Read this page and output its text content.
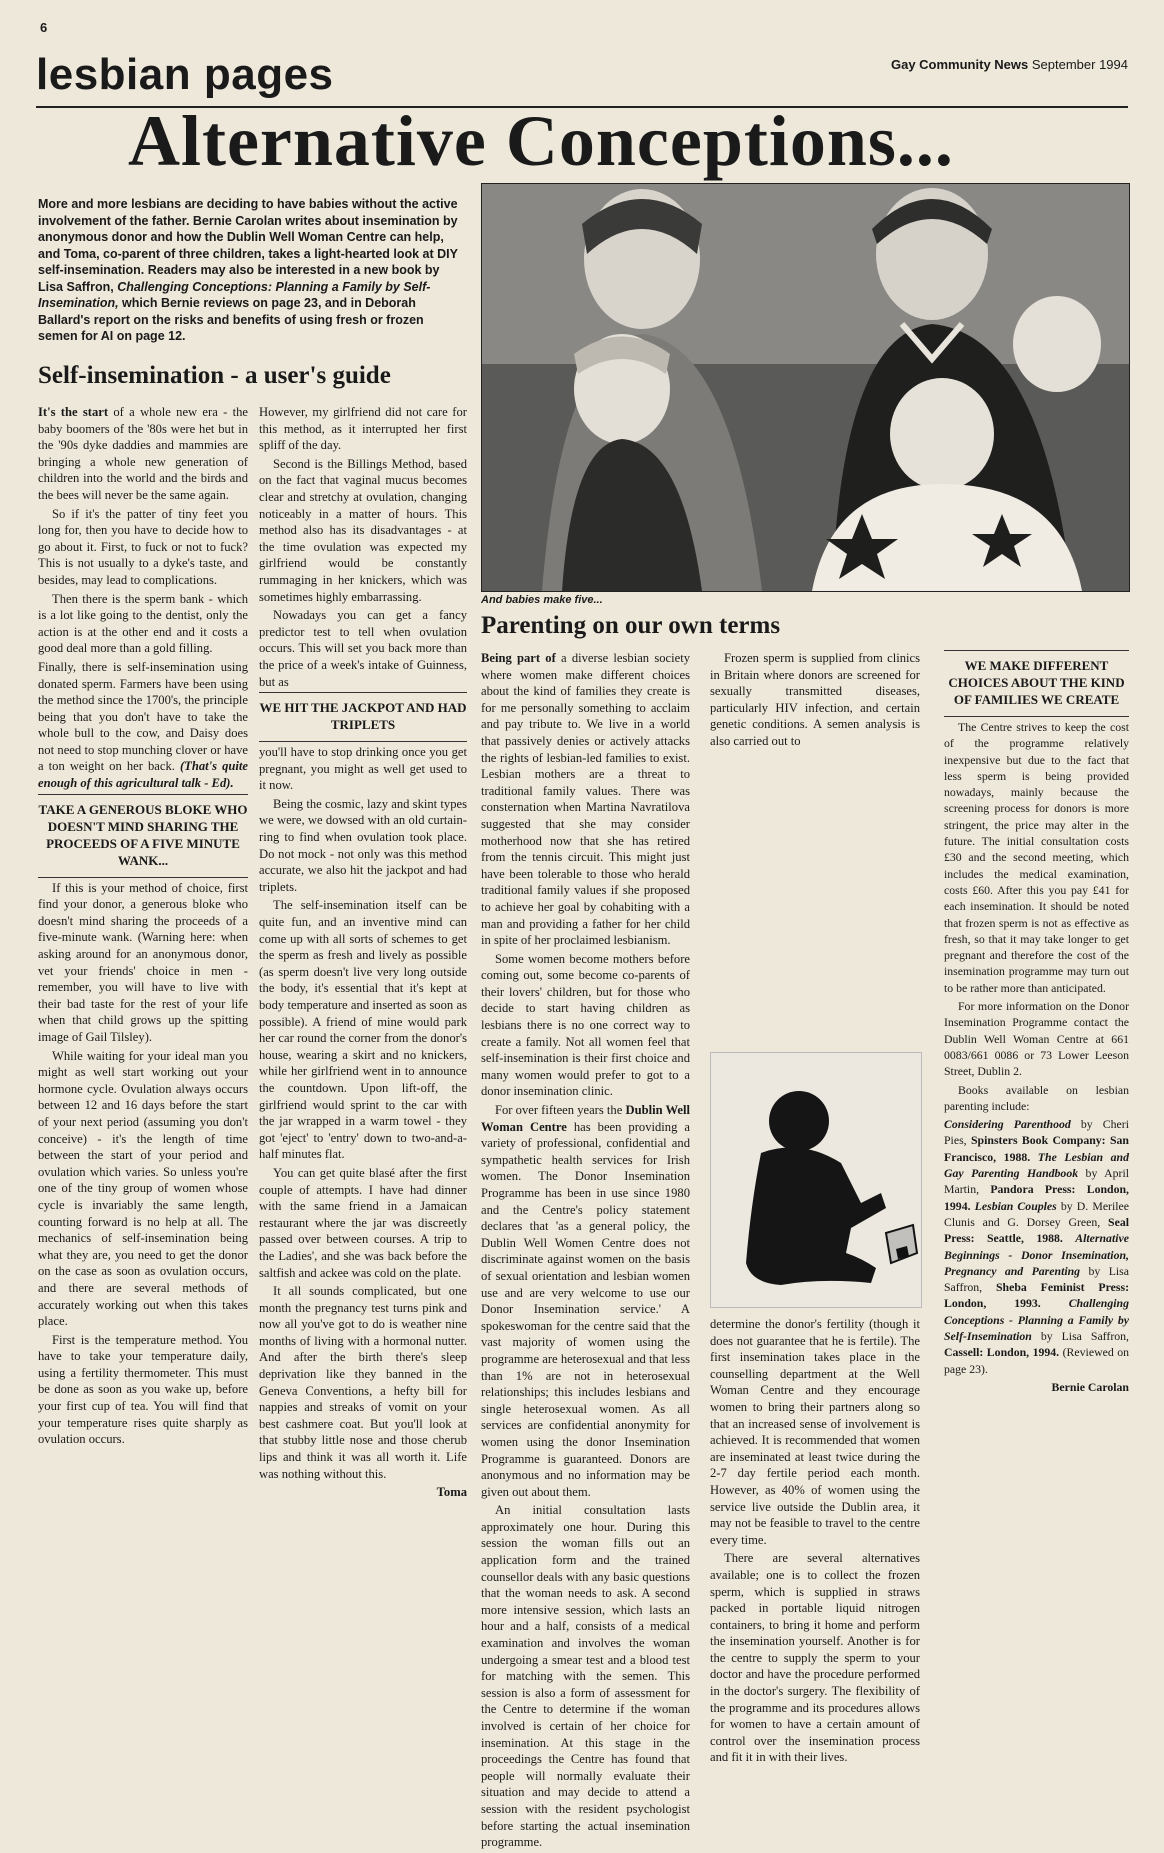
6
lesbian pages	Gay Community News September 1994
Alternative Conceptions...
More and more lesbians are deciding to have babies without the active involvement of the father. Bernie Carolan writes about insemination by anonymous donor and how the Dublin Well Woman Centre can help, and Toma, co-parent of three children, takes a light-hearted look at DIY self-insemination. Readers may also be interested in a new book by Lisa Saffron, Challenging Conceptions: Planning a Family by Self-Insemination, which Bernie reviews on page 23, and in Deborah Ballard's report on the risks and benefits of using fresh or frozen semen for AI on page 12.
Self-insemination - a user's guide

It's the start of a whole new era - the baby boomers of the '80s were het but in the '90s dyke daddies and mammies are bringing a whole new generation of children into the world and the birds and the bees will never be the same again.

So if it's the patter of tiny feet you long for, then you have to decide how to go about it. First, to fuck or not to fuck? This is not usually to a dyke's taste, and besides, may lead to complications.

Then there is the sperm bank - which is a lot like going to the dentist, only the action is at the other end and it costs a good deal more than a gold filling.

Finally, there is self-insemination using donated sperm. Farmers have been using the method since the 1700's, the principle being that you don't have to take the whole bull to the cow, and Daisy does not need to stop munching clover or have a ton weight on her back. (That's quite enough of this agricultural talk - Ed).

TAKE A GENEROUS BLOKE WHO DOESN'T MIND SHARING THE PROCEEDS OF A FIVE MINUTE WANK...

If this is your method of choice, first find your donor, a generous bloke who doesn't mind sharing the proceeds of a five-minute wank. (Warning here: when asking around for an anonymous donor, vet your friends' choice in men - remember, you will have to live with their bad taste for the rest of your life when that child grows up the spitting image of Gail Tilsley).

While waiting for your ideal man you might as well start working out your hormone cycle. Ovulation always occurs between 12 and 16 days before the start of your next period (assuming you don't conceive) - it's the length of time between the start of your period and ovulation which varies. So unless you're one of the tiny group of women whose cycle is invariably the same length, counting forward is no help at all. The mechanics of self-insemination being what they are, you need to get the donor on the case as soon as ovulation occurs, and there are several methods of accurately working out when this takes place.

First is the temperature method. You have to take your temperature daily, using a fertility thermometer. This must be done as soon as you wake up, before your first cup of tea. You will find that your temperature rises quite sharply as ovulation occurs.

However, my girlfriend did not care for this method, as it interrupted her first spliff of the day.

Second is the Billings Method, based on the fact that vaginal mucus becomes clear and stretchy at ovulation, changing noticeably in a matter of hours. This method also has its disadvantages - at the time ovulation was expected my girlfriend would be constantly rummaging in her knickers, which was sometimes highly embarrassing.

Nowadays you can get a fancy predictor test to tell when ovulation occurs. This will set you back more than the price of a week's intake of Guinness, but as

WE HIT THE JACKPOT AND HAD TRIPLETS

you'll have to stop drinking once you get pregnant, you might as well get used to it now.

Being the cosmic, lazy and skint types we were, we dowsed with an old curtain-ring to find when ovulation took place. Do not mock - not only was this method accurate, we also hit the jackpot and had triplets.

The self-insemination itself can be quite fun, and an inventive mind can come up with all sorts of schemes to get the sperm as fresh and lively as possible (as sperm doesn't live very long outside the body, it's essential that it's kept at body temperature and inserted as soon as possible). A friend of mine would park her car round the corner from the donor's house, wearing a skirt and no knickers, while her girlfriend went in to announce the countdown. Upon lift-off, the girlfriend would sprint to the car with the jar wrapped in a warm towel - they got 'eject' to 'entry' down to two-and-a-half minutes flat.

You can get quite blasé after the first couple of attempts. I have had dinner with the same friend in a Jamaican restaurant where the jar was discreetly passed over between courses. A trip to the Ladies', and she was back before the saltfish and ackee was cold on the plate.

It all sounds complicated, but one month the pregnancy test turns pink and now all you've got to do is weather nine months of living with a hormonal nutter. And after the birth there's sleep deprivation like they banned in the Geneva Conventions, a hefty bill for nappies and streaks of vomit on your best cashmere coat. But you'll look at that stubby little nose and those cherub lips and think it was all worth it. Life was nothing without this.

Toma

And babies make five...
Parenting on our own terms

Being part of a diverse lesbian society where women make different choices about the kind of families they create is for me personally something to acclaim and pay tribute to. We live in a world that passively denies or actively attacks the rights of lesbian-led families to exist. Lesbian mothers are a threat to traditional family values. There was consternation when Martina Navratilova suggested that she may consider motherhood now that she has retired from the tennis circuit. This might just have been tolerable to those who herald traditional family values if she proposed to achieve her goal by cohabiting with a man and providing a father for her child in spite of her proclaimed lesbianism.

Some women become mothers before coming out, some become co-parents of their lovers' children, but for those who decide to start having children as lesbians there is no one correct way to create a family. Not all women feel that self-insemination is their first choice and many women would prefer to got to a donor insemination clinic.

For over fifteen years the Dublin Well Woman Centre has been providing a variety of professional, confidential and sympathetic health services for Irish women. The Donor Insemination Programme has been in use since 1980 and the Centre's policy statement declares that 'as a general policy, the Dublin Well Women Centre does not discriminate against women on the basis of sexual orientation and lesbian women use and are very welcome to use our Donor Insemination service.' A spokeswoman for the centre said that the vast majority of women using the programme are heterosexual and that less than 1% are not in heterosexual relationships; this includes lesbians and single heterosexual women. As all services are confidential anonymity for women using the donor Insemination Programme is guaranteed. Donors are anonymous and no information may be given out about them.

An initial consultation lasts approximately one hour. During this session the woman fills out an application form and the trained counsellor deals with any basic questions that the woman needs to ask. A second more intensive session, which lasts an hour and a half, consists of a medical examination and involves the woman undergoing a smear test and a blood test for matching with the semen. This session is also a form of assessment for the Centre to determine if the woman involved is certain of her choice for insemination. At this stage in the proceedings the Centre has found that people will normally evaluate their situation and may decide to attend a session with the resident psychologist before starting the actual insemination programme.

Frozen sperm is supplied from clinics in Britain where donors are screened for sexually transmitted diseases, particularly HIV infection, and certain genetic conditions. A semen analysis is also carried out to

determine the donor's fertility (though it does not guarantee that he is fertile). The first insemination takes place in the counselling department at the Well Woman Centre and they encourage women to bring their partners along so that an increased sense of involvement is achieved. It is recommended that women are inseminated at least twice during the 2-7 day fertile period each month. However, as 40% of women using the service live outside the Dublin area, it may not be feasible to travel to the centre every time.

There are several alternatives available; one is to collect the frozen sperm, which is supplied in straws packed in portable liquid nitrogen containers, to bring it home and perform the insemination yourself. Another is for the centre to supply the sperm to your doctor and have the procedure performed in the doctor's surgery. The flexibility of the programme and its procedures allows for women to have a certain amount of control over the insemination process and fit it in with their lives.

WE MAKE DIFFERENT CHOICES ABOUT THE KIND OF FAMILIES WE CREATE

The Centre strives to keep the cost of the programme relatively inexpensive but due to the fact that less sperm is being provided nowadays, mainly because the screening process for donors is more stringent, the price may alter in the future. The initial consultation costs £30 and the second meeting, which includes the medical examination, costs £60. After this you pay £41 for each insemination. It should be noted that frozen sperm is not as effective as fresh, so that it may take longer to get pregnant and therefore the cost of the insemination programme may turn out to be rather more than anticipated.

For more information on the Donor Insemination Programme contact the Dublin Well Woman Centre at 661 0083/661 0086 or 73 Lower Leeson Street, Dublin 2.

Books available on lesbian parenting include:

Considering Parenthood by Cheri Pies, Spinsters Book Company: San Francisco, 1988. The Lesbian and Gay Parenting Handbook by April Martin, Pandora Press: London, 1994. Lesbian Couples by D. Merilee Clunis and G. Dorsey Green, Seal Press: Seattle, 1988. Alternative Beginnings - Donor Insemination, Pregnancy and Parenting by Lisa Saffron, Sheba Feminist Press: London, 1993. Challenging Conceptions - Planning a Family by Self-Insemination by Lisa Saffron, Cassell: London, 1994. (Reviewed on page 23).

Bernie Carolan
